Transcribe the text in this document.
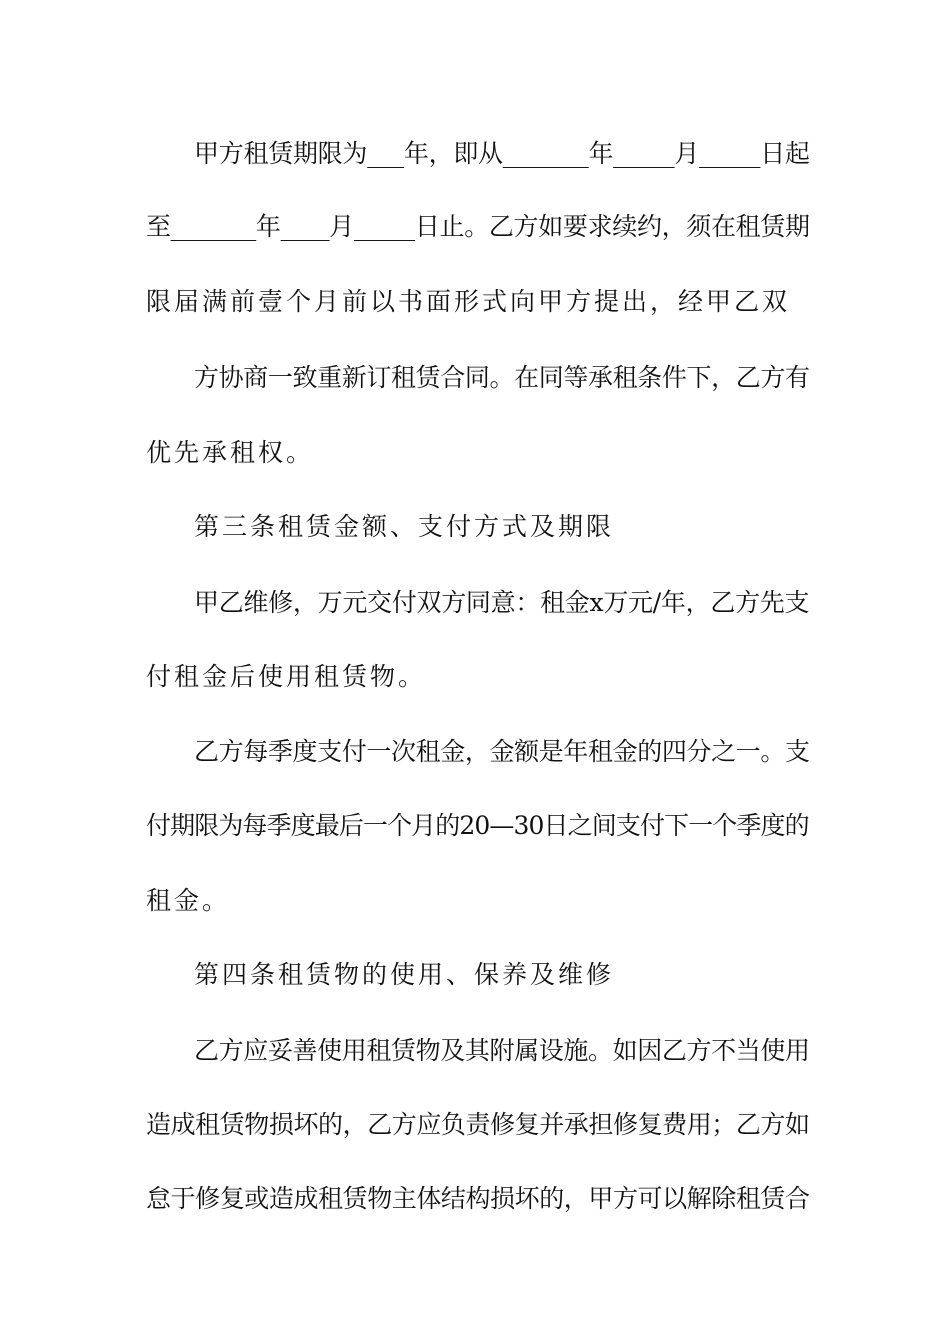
甲方租赁期限为___年，即从_______年_____月_____日起
至_______年____月_____日止。乙方如要求续约，须在租赁期
限届满前壹个月前以书面形式向甲方提出，经甲乙双
方协商一致重新订租赁合同。在同等承租条件下，乙方有
优先承租权。
第三条租赁金额、支付方式及期限
甲乙维修，万元交付双方同意：租金x万元/年，乙方先支
付租金后使用租赁物。
乙方每季度支付一次租金，金额是年租金的四分之一。支
付期限为每季度最后一个月的20—30日之间支付下一个季度的
租金。
第四条租赁物的使用、保养及维修
乙方应妥善使用租赁物及其附属设施。如因乙方不当使用
造成租赁物损坏的，乙方应负责修复并承担修复费用；乙方如
怠于修复或造成租赁物主体结构损坏的，甲方可以解除租赁合
